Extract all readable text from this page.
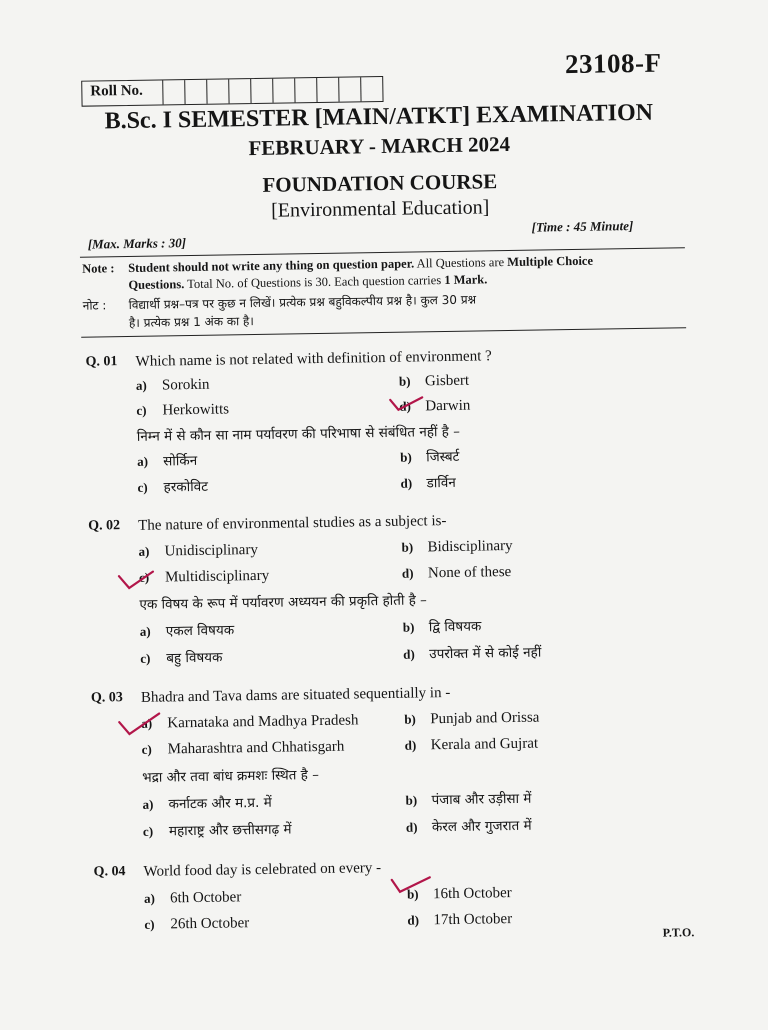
23108-F
Roll No.
B.Sc. I SEMESTER [MAIN/ATKT] EXAMINATION
FEBRUARY - MARCH 2024
FOUNDATION COURSE
[Environmental Education]
[Max. Marks : 30]
[Time : 45 Minute]
Note : Student should not write any thing on question paper. All Questions are Multiple Choice
Questions. Total No. of Questions is 30. Each question carries 1 Mark.
नोट : विद्यार्थी प्रश्न–पत्र पर कुछ न लिखें। प्रत्येक प्रश्न बहुविकल्पीय प्रश्न है। कुल 30 प्रश्न
है। प्रत्येक प्रश्न 1 अंक का है।
Q. 01 Which name is not related with definition of environment ?
a) Sorokin	b) Gisbert
c) Herkowitts	d) Darwin
निम्न में से कौन सा नाम पर्यावरण की परिभाषा से संबंधित नहीं है –
a) सोर्किन	b) जिस्बर्ट
c) हरकोविट	d) डार्विन
Q. 02 The nature of environmental studies as a subject is-
a) Unidisciplinary	b) Bidisciplinary
c) Multidisciplinary	d) None of these
एक विषय के रूप में पर्यावरण अध्ययन की प्रकृति होती है –
a) एकल विषयक	b) द्वि विषयक
c) बहु विषयक	d) उपरोक्त में से कोई नहीं
Q. 03 Bhadra and Tava dams are situated sequentially in -
a) Karnataka and Madhya Pradesh	b) Punjab and Orissa
c) Maharashtra and Chhatisgarh	d) Kerala and Gujrat
भद्रा और तवा बांध क्रमशः स्थित है –
a) कर्नाटक और म.प्र. में	b) पंजाब और उड़ीसा में
c) महाराष्ट्र और छत्तीसगढ़ में	d) केरल और गुजरात में
Q. 04 World food day is celebrated on every -
a) 6th October	b) 16th October
c) 26th October	d) 17th October
P.T.O.
